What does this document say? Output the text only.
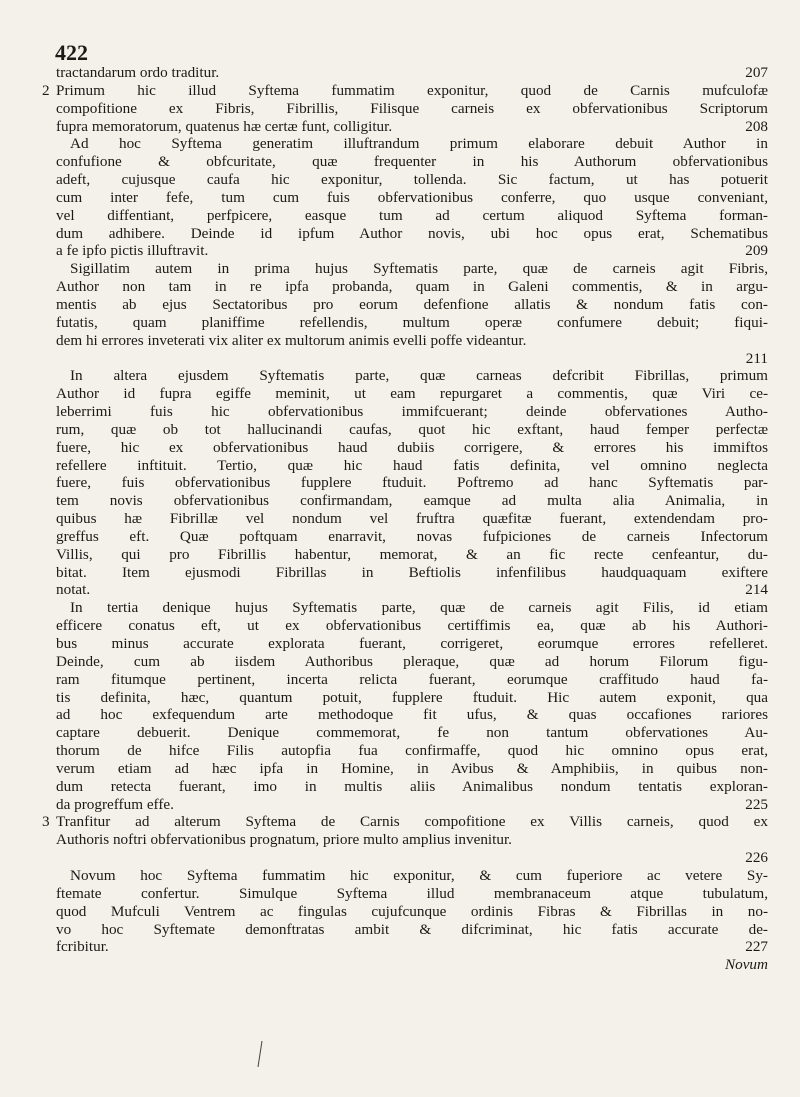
422
tractandarum ordo traditur.	207
2 Primum hic illud Syftema fummatim exponitur, quod de Carnis mufculofæ
compofitione ex Fibris, Fibrillis, Filisque carneis ex obfervationibus Scriptorum
fupra memoratorum, quatenus hæ certæ funt, colligitur.	208
Ad hoc Syftema generatim illuftrandum primum elaborare debuit Author in
confufione & obfcuritate, quæ frequenter in his Authorum obfervationibus
adeft, cujusque caufa hic exponitur, tollenda. Sic factum, ut has potuerit
cum inter fefe, tum cum fuis obfervationibus conferre, quo usque conveniant,
vel diffentiant, perfpicere, easque tum ad certum aliquod Syftema forman-
dum adhibere. Deinde id ipfum Author novis, ubi hoc opus erat, Schematibus
a fe ipfo pictis illuftravit.	209
Sigillatim autem in prima hujus Syftematis parte, quæ de carneis agit Fibris,
Author non tam in re ipfa probanda, quam in Galeni commentis, & in argu-
mentis ab ejus Sectatoribus pro eorum defenfione allatis & nondum fatis con-
futatis, quam planiffime refellendis, multum operæ confumere debuit; fiqui-
dem hi errores inveterati vix aliter ex multorum animis evelli poffe videantur.
211
In altera ejusdem Syftematis parte, quæ carneas defcribit Fibrillas, primum
Author id fupra egiffe meminit, ut eam repurgaret a commentis, quæ Viri ce-
leberrimi fuis hic obfervationibus immifcuerant; deinde obfervationes Autho-
rum, quæ ob tot hallucinandi caufas, quot hic exftant, haud femper perfectæ
fuere, hic ex obfervationibus haud dubiis corrigere, & errores his immiftos
refellere inftituit. Tertio, quæ hic haud fatis definita, vel omnino neglecta
fuere, fuis obfervationibus fupplere ftuduit. Poftremo ad hanc Syftematis par-
tem novis obfervationibus confirmandam, eamque ad multa alia Animalia, in
quibus hæ Fibrillæ vel nondum vel fruftra quæfitæ fuerant, extendendam pro-
greffus eft. Quæ poftquam enarravit, novas fufpiciones de carneis Infectorum
Villis, qui pro Fibrillis habentur, memorat, & an fic recte cenfeantur, du-
bitat. Item ejusmodi Fibrillas in Beftiolis infenfilibus haudquaquam exiftere
notat.	214
In tertia denique hujus Syftematis parte, quæ de carneis agit Filis, id etiam
efficere conatus eft, ut ex obfervationibus certiffimis ea, quæ ab his Authori-
bus minus accurate explorata fuerant, corrigeret, eorumque errores refelleret.
Deinde, cum ab iisdem Authoribus pleraque, quæ ad horum Filorum figu-
ram fitumque pertinent, incerta relicta fuerant, eorumque craffitudo haud fa-
tis definita, hæc, quantum potuit, fupplere ftuduit. Hic autem exponit, qua
ad hoc exfequendum arte methodoque fit ufus, & quas occafiones rariores
captare debuerit. Denique commemorat, fe non tantum obfervationes Au-
thorum de hifce Filis autopfia fua confirmaffe, quod hic omnino opus erat,
verum etiam ad hæc ipfa in Homine, in Avibus & Amphibiis, in quibus non-
dum retecta fuerant, imo in multis aliis Animalibus nondum tentatis exploran-
da progreffum effe.	225
3 Tranfitur ad alterum Syftema de Carnis compofitione ex Villis carneis, quod ex
Authoris noftri obfervationibus prognatum, priore multo amplius invenitur.
226
Novum hoc Syftema fummatim hic exponitur, & cum fuperiore ac vetere Sy-
ftemate confertur. Simulque Syftema illud membranaceum atque tubulatum,
quod Mufculi Ventrem ac fingulas cujufcunque ordinis Fibras & Fibrillas in no-
vo hoc Syftemate demonftratas ambit & difcriminat, hic fatis accurate de-
fcribitur.	227
Novum
